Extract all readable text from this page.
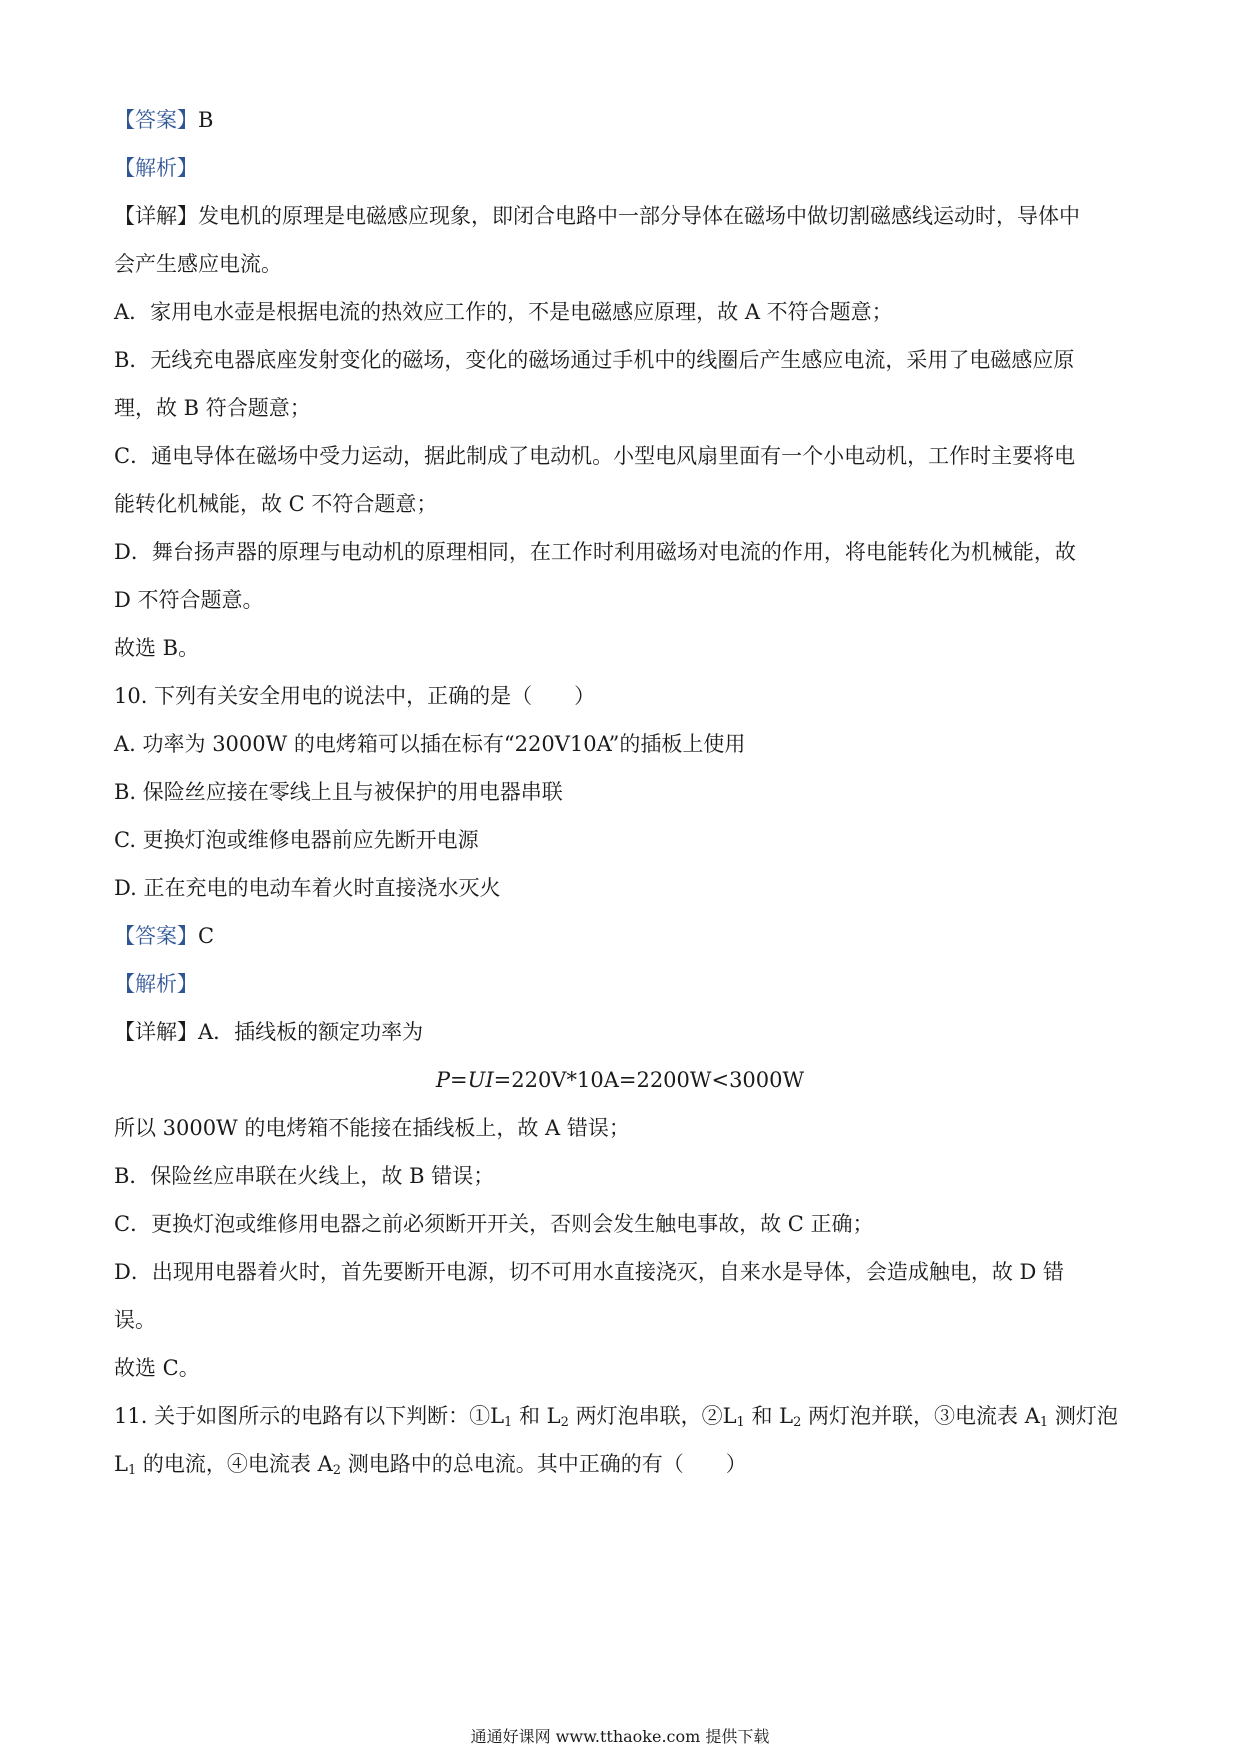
【答案】B
【解析】
【详解】发电机的原理是电磁感应现象，即闭合电路中一部分导体在磁场中做切割磁感线运动时，导体中
会产生感应电流。
A．家用电水壶是根据电流的热效应工作的，不是电磁感应原理，故 A 不符合题意；
B．无线充电器底座发射变化的磁场，变化的磁场通过手机中的线圈后产生感应电流，采用了电磁感应原
理，故 B 符合题意；
C．通电导体在磁场中受力运动，据此制成了电动机。小型电风扇里面有一个小电动机，工作时主要将电
能转化机械能，故 C 不符合题意；
D．舞台扬声器的原理与电动机的原理相同，在工作时利用磁场对电流的作用，将电能转化为机械能，故
D 不符合题意。
故选 B。
10. 下列有关安全用电的说法中，正确的是（　　）
A. 功率为 3000W 的电烤箱可以插在标有“220V10A”的插板上使用
B. 保险丝应接在零线上且与被保护的用电器串联
C. 更换灯泡或维修电器前应先断开电源
D. 正在充电的电动车着火时直接浇水灭火
【答案】C
【解析】
【详解】A．插线板的额定功率为
P=UI=220V*10A=2200W<3000W
所以 3000W 的电烤箱不能接在插线板上，故 A 错误；
B．保险丝应串联在火线上，故 B 错误；
C．更换灯泡或维修用电器之前必须断开开关，否则会发生触电事故，故 C 正确；
D．出现用电器着火时，首先要断开电源，切不可用水直接浇灭，自来水是导体，会造成触电，故 D 错
误。
故选 C。
11. 关于如图所示的电路有以下判断：$①L_1$ 和 $L_2$ 两灯泡串联，$②L_1$ 和 $L_2$ 两灯泡并联，③电流表 $A_1$ 测灯泡
$L_1$ 的电流，④电流表 $A_2$ 测电路中的总电流。其中正确的有（　　）
通通好课网 www.tthaoke.com 提供下载
